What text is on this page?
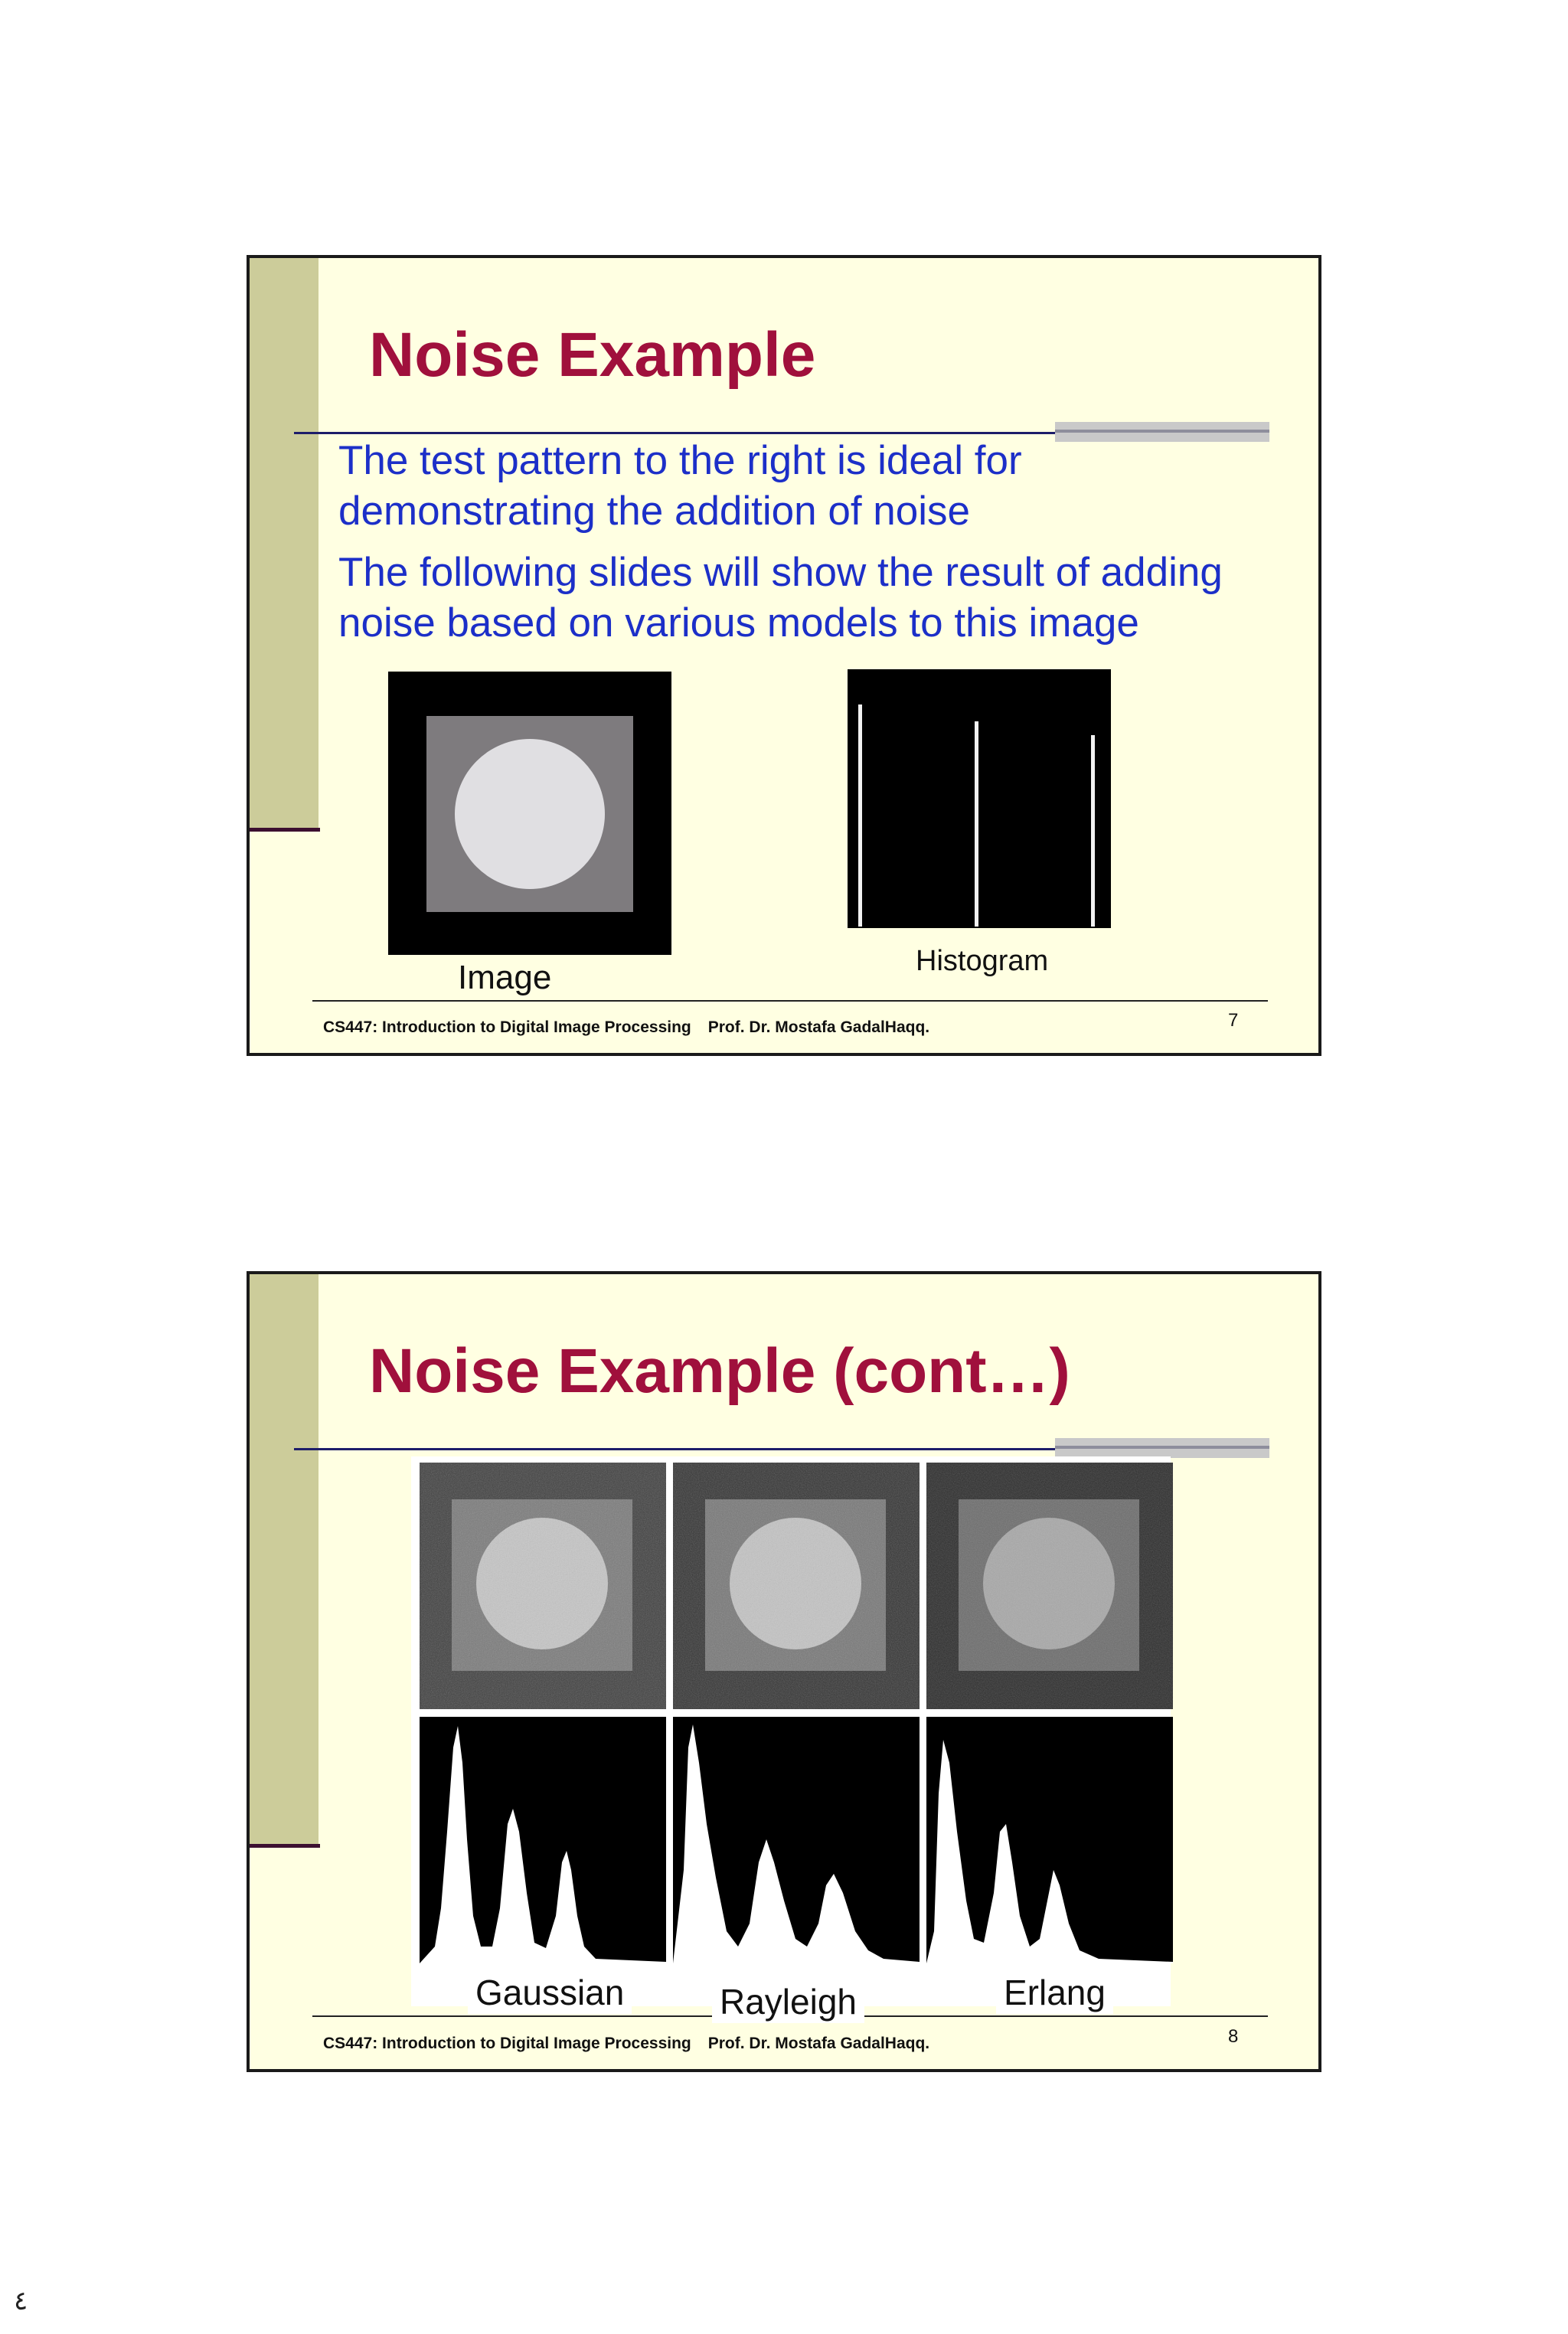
Noise Example

The test pattern to the right is ideal for demonstrating the addition of noise

The following slides will show the result of adding noise based on various models to this image

Image	Histogram
CS447: Introduction to Digital Image Processing Prof. Dr. Mostafa GadalHaqq.	7
Noise Example (cont…)
Gaussian	Rayleigh	Erlang
CS447: Introduction to Digital Image Processing Prof. Dr. Mostafa GadalHaqq.	8
٤
